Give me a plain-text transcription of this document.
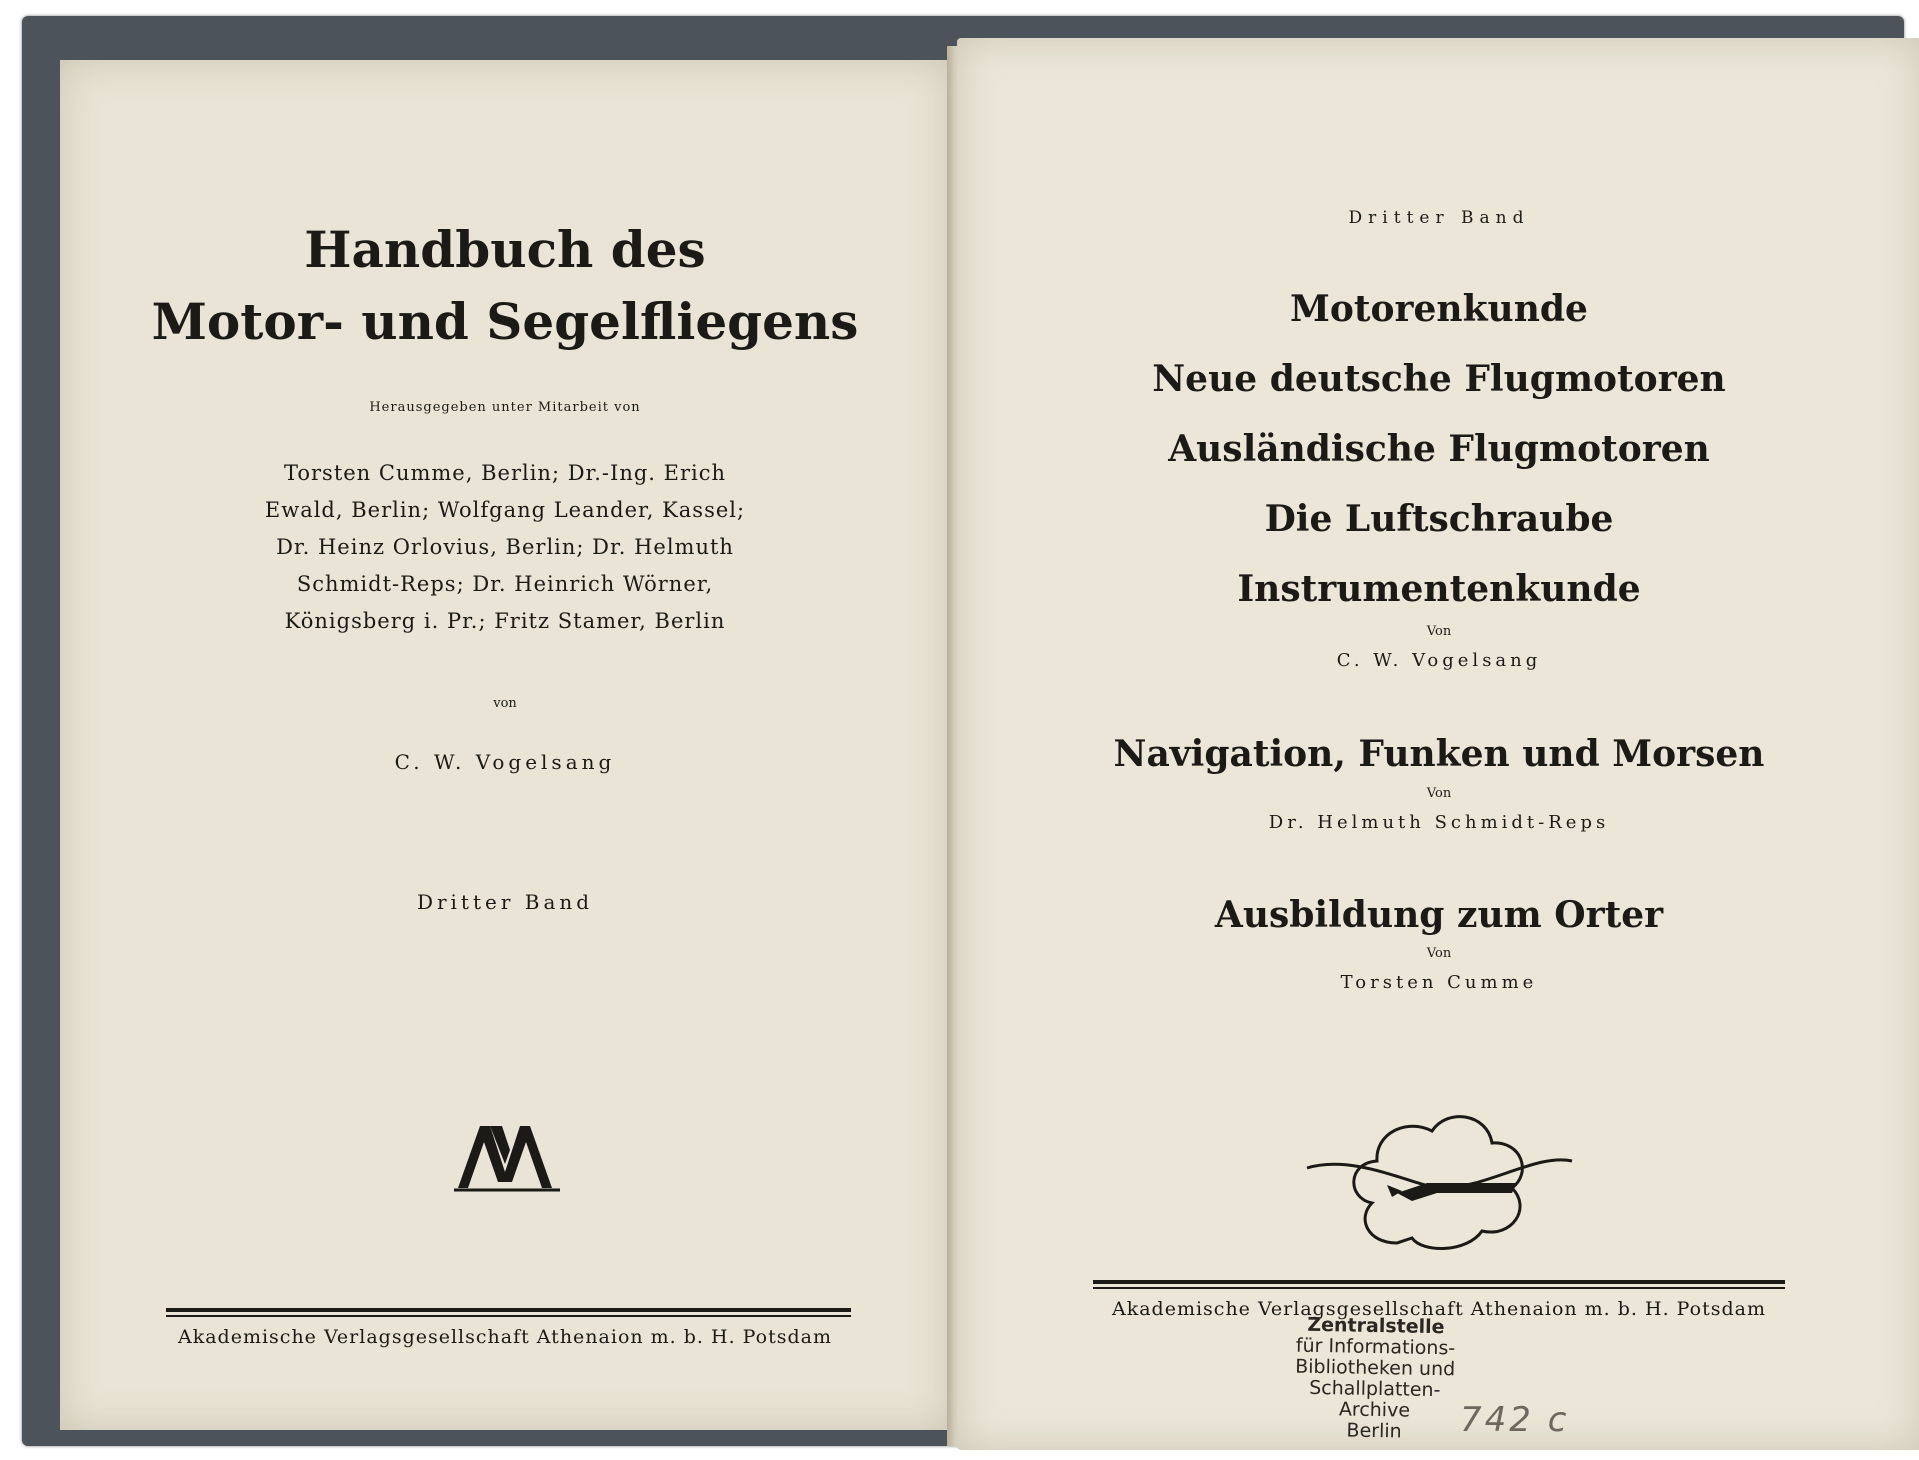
Handbuch des
Motor- und Segelfliegens
Herausgegeben unter Mitarbeit von
Torsten Cumme, Berlin; Dr.-Ing. Erich
Ewald, Berlin; Wolfgang Leander, Kassel;
Dr. Heinz Orlovius, Berlin; Dr. Helmuth
Schmidt-Reps; Dr. Heinrich Wörner,
Königsberg i. Pr.; Fritz Stamer, Berlin
von
C. W. Vogelsang
Dritter Band
Akademische Verlagsgesellschaft Athenaion m. b. H. Potsdam
Dritter Band
Motorenkunde
Neue deutsche Flugmotoren
Ausländische Flugmotoren
Die Luftschraube
Instrumentenkunde
Von
C. W. Vogelsang
Navigation, Funken und Morsen
Von
Dr. Helmuth Schmidt-Reps
Ausbildung zum Orter
Von
Torsten Cumme
Akademische Verlagsgesellschaft Athenaion m. b. H. Potsdam
Zentralstelle
für Informations-
Bibliotheken und
Schallplatten-
Archive
Berlin	742 c
